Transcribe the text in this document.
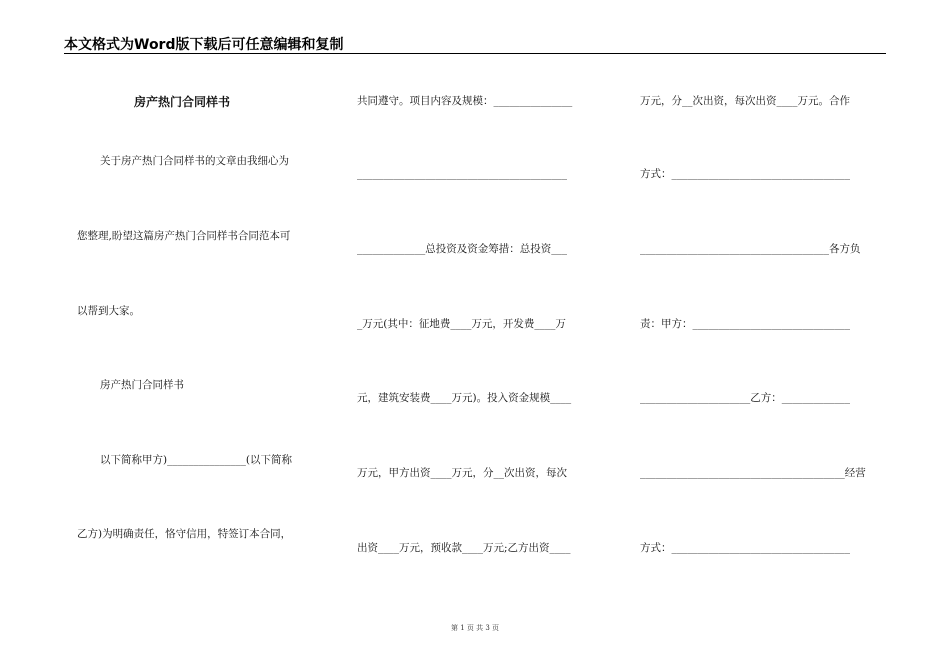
本文格式为Word版下载后可任意编辑和复制
房产热门合同样书
关于房产热门合同样书的文章由我细心为
您整理,盼望这篇房产热门合同样书合同范本可
以帮到大家。
房产热门合同样书
以下简称甲方)_______________(以下简称
乙方)为明确责任，恪守信用，特签订本合同，
共同遵守。项目内容及规模：_______________
________________________________________
_____________总投资及资金筹措：总投资___
_万元(其中：征地费____万元，开发费____万
元，建筑安装费____万元)。投入资金规模____
万元，甲方出资____万元，分__次出资，每次
出资____万元，预收款____万元;乙方出资____
万元，分__次出资，每次出资____万元。合作
方式：__________________________________
____________________________________各方负
责：甲方：______________________________
_____________________乙方：_____________
_______________________________________经营
方式：__________________________________
第 1 页 共 3 页
